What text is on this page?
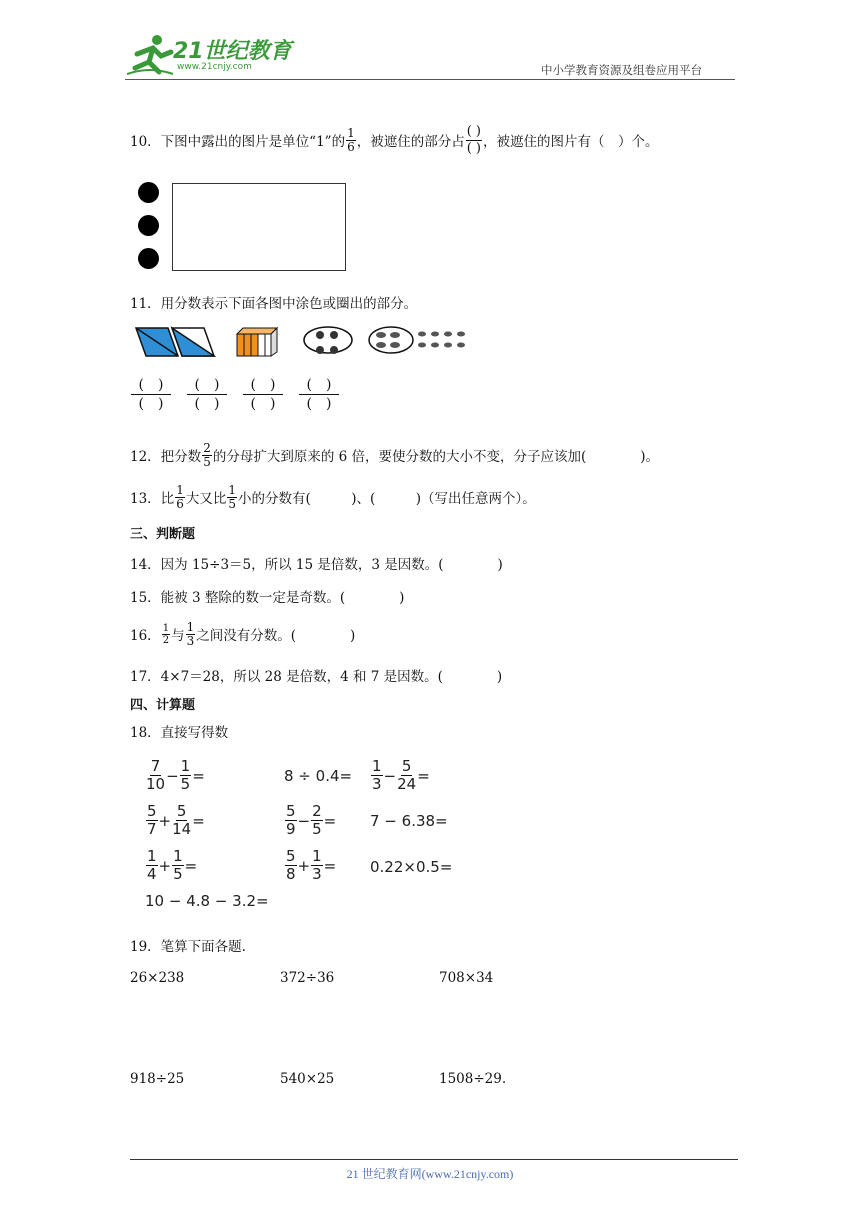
21世纪教育
www.21cnjy.com	中小学教育资源及组卷应用平台
10．下图中露出的图片是单位“1”的 $\frac{1}{6}$ ，被遮住的部分占 $\frac{( )}{( )}$ ，被遮住的图片有（　）个。
11．用分数表示下面各图中涂色或圈出的部分。
$\frac{( )}{( )} \frac{( )}{( )} \frac{( )}{( )} \frac{( )}{( )}$
12．把分数 $\frac{2}{5}$ 的分母扩大到原来的 6 倍，要使分数的大小不变，分子应该加(　　　　)。
13．比 $\frac{1}{6}$ 大又比 $\frac{1}{5}$ 小的分数有(　　　)、(　　　)（写出任意两个）。
三、判断题
14．因为 15÷3＝5，所以 15 是倍数，3 是因数。(　　　　)
15．能被 3 整除的数一定是奇数。(　　　　)
16． $\frac{1}{2}$ 与 $\frac{1}{3}$ 之间没有分数。(　　　　)
17．4×7＝28，所以 28 是倍数，4 和 7 是因数。(　　　　)
四、计算题
18．直接写得数
$\frac{7}{10} - \frac{1}{5}$ =	$8 \div 0.4= \frac{1}{3} - \frac{5}{24}$ =
$\frac{5}{7} + \frac{5}{14}$ =	$\frac{5}{9} - \frac{2}{5} = 7 - 6.38=$
$\frac{1}{4} + \frac{1}{5}$ =	$\frac{5}{8} + \frac{1}{3} = 0.22\times 0.5=$
10 − 4.8 − 3.2=
19．笔算下面各题.
26×238	372÷36	708×34
918÷25	540×25	1508÷29.
21 世纪教育网(www.21cnjy.com)
